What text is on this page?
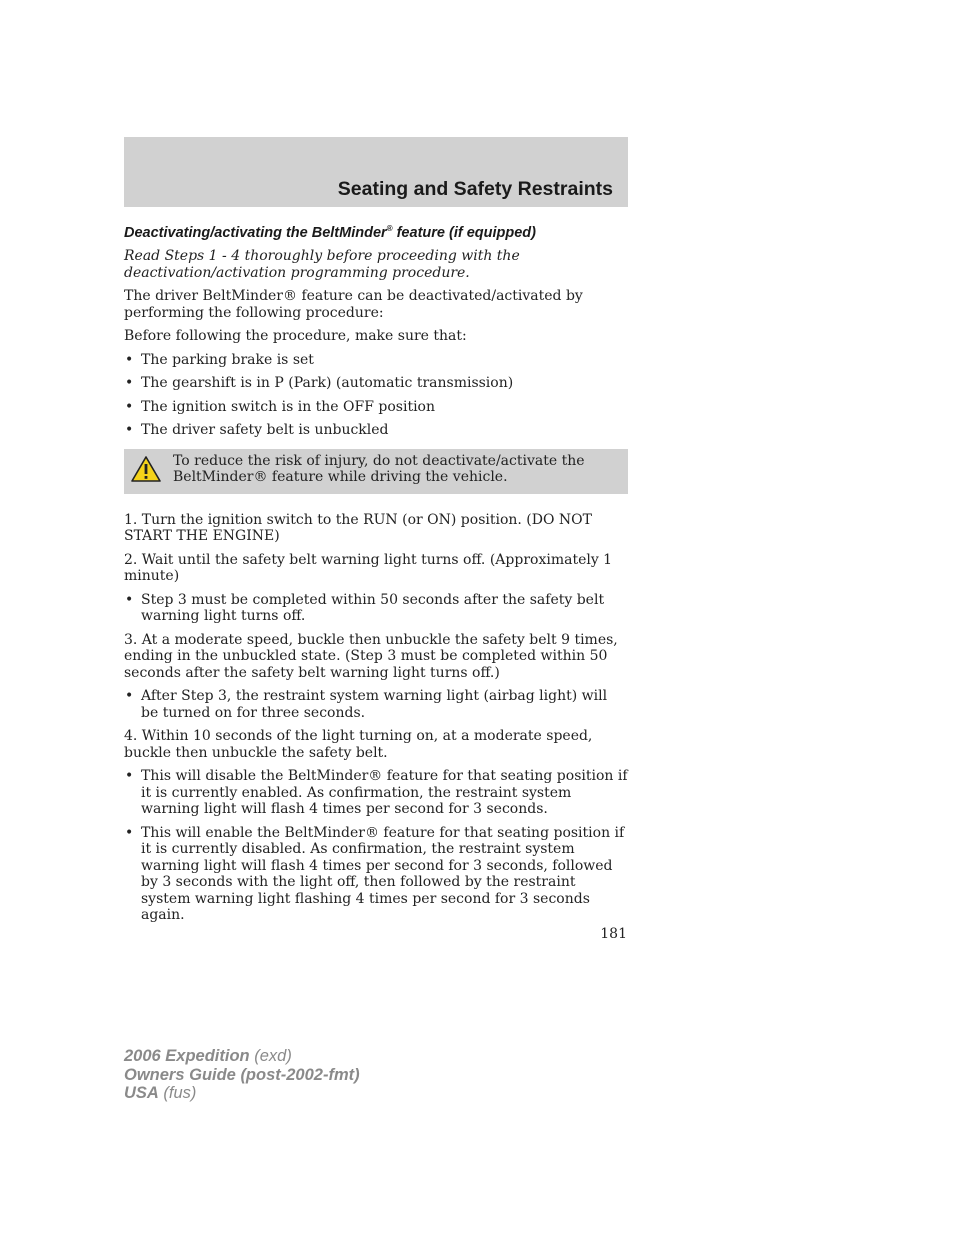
Seating and Safety Restraints
Deactivating/activating the BeltMinder® feature (if equipped)

Read Steps 1 - 4 thoroughly before proceeding with the deactivation/activation programming procedure.

The driver BeltMinder® feature can be deactivated/activated by performing the following procedure:

Before following the procedure, make sure that:

• The parking brake is set
• The gearshift is in P (Park) (automatic transmission)
• The ignition switch is in the OFF position
• The driver safety belt is unbuckled
To reduce the risk of injury, do not deactivate/activate the BeltMinder® feature while driving the vehicle.

1. Turn the ignition switch to the RUN (or ON) position. (DO NOT START THE ENGINE)

2. Wait until the safety belt warning light turns off. (Approximately 1 minute)

• Step 3 must be completed within 50 seconds after the safety belt warning light turns off.

3. At a moderate speed, buckle then unbuckle the safety belt 9 times, ending in the unbuckled state. (Step 3 must be completed within 50 seconds after the safety belt warning light turns off.)

• After Step 3, the restraint system warning light (airbag light) will be turned on for three seconds.

4. Within 10 seconds of the light turning on, at a moderate speed, buckle then unbuckle the safety belt.

• This will disable the BeltMinder® feature for that seating position if it is currently enabled. As confirmation, the restraint system warning light will flash 4 times per second for 3 seconds.
• This will enable the BeltMinder® feature for that seating position if it is currently disabled. As confirmation, the restraint system warning light will flash 4 times per second for 3 seconds, followed by 3 seconds with the light off, then followed by the restraint system warning light flashing 4 times per second for 3 seconds again.
181
2006 Expedition (exd)
Owners Guide (post-2002-fmt)
USA (fus)
